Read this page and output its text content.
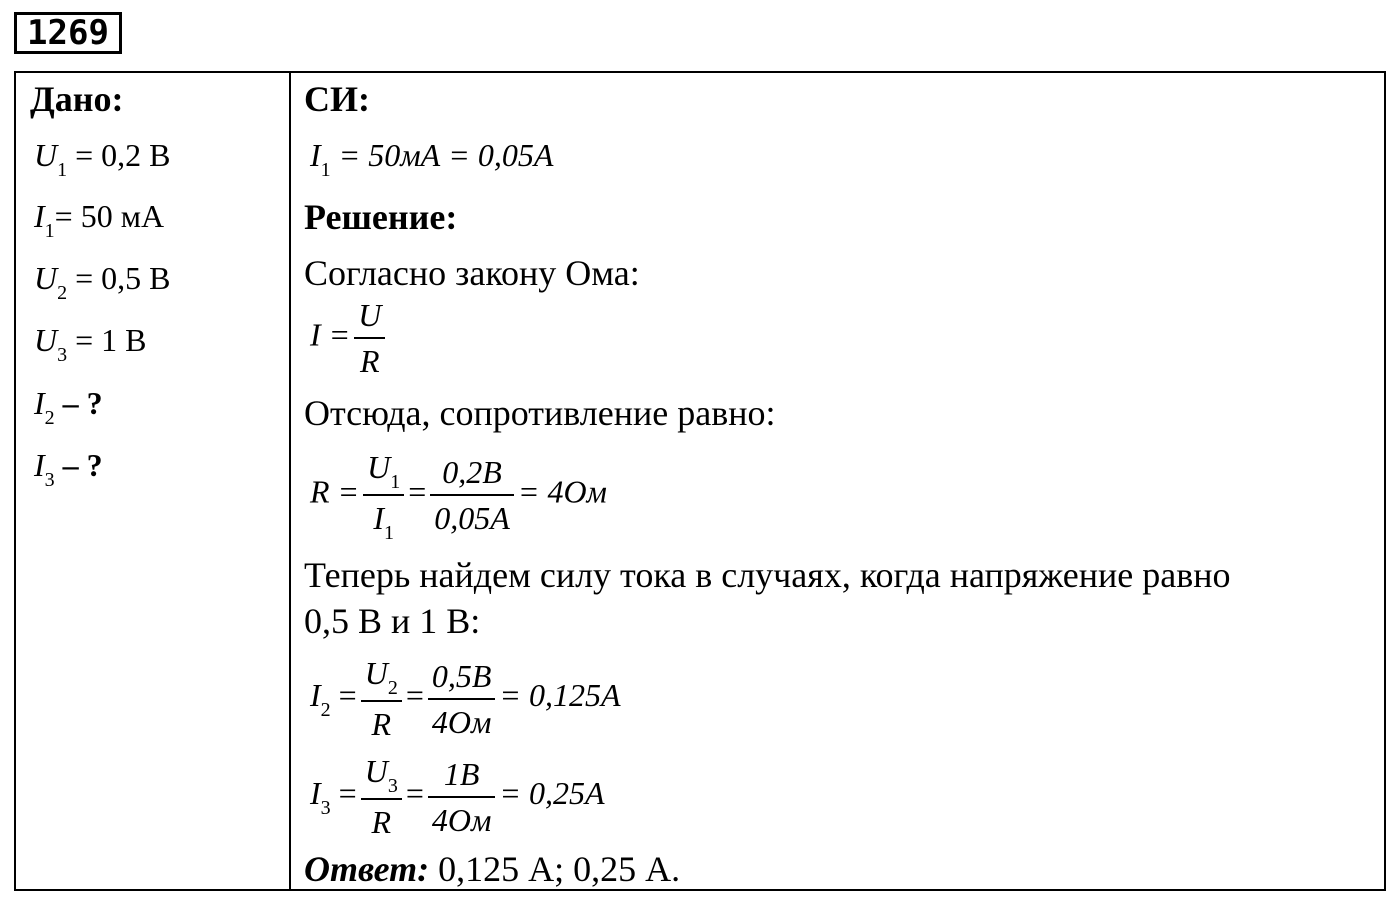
1269
Дано:
$U_1 = 0,2$ В
$I_1= 50$ мА
$U_2 = 0,5$ В
$U_3 = 1$ В
$I_2$ – ?
$I_3$ – ?
СИ:
$I_1 = 50мА = 0,05А$
Решение:
Согласно закону Ома:
$I = \frac{U}{R}$
Отсюда, сопротивление равно:
$R = \frac{U_1}{I_1} = \frac{0,2В}{0,05А} = 4Ом$
Теперь найдем силу тока в случаях, когда напряжение равно
0,5 В и 1 В:
$I_2 = \frac{U_2}{R} = \frac{0,5В}{4Ом} = 0,125А$
$I_3 = \frac{U_3}{R} = \frac{1В}{4Ом} = 0,25А$
Ответ: 0,125 А; 0,25 А.
